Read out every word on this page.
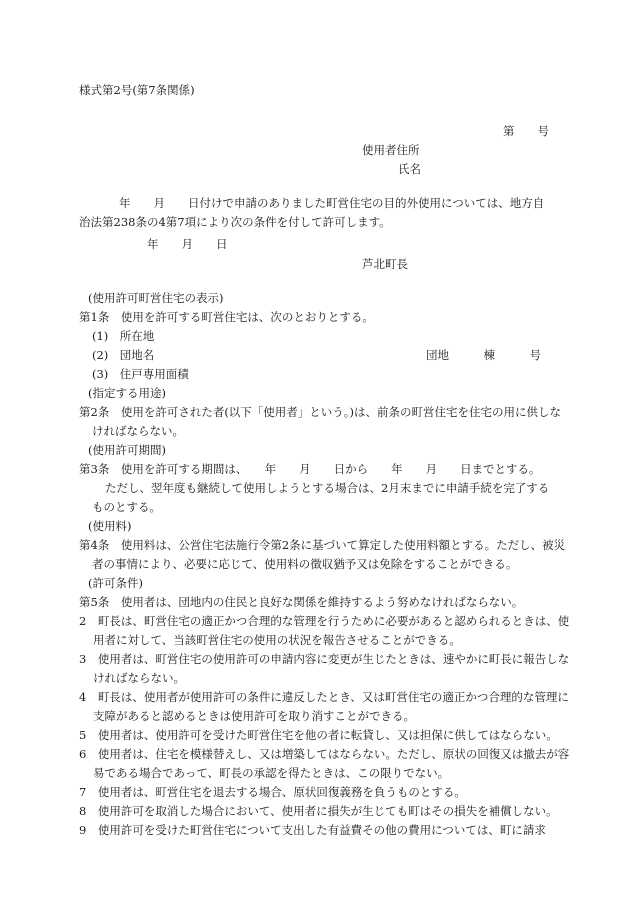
様式第2号(第7条関係)

第　　号

使用者住所

氏名

　　年　　月　　日付けで申請のありました町営住宅の目的外使用については、地方自

治法第238条の4第7項により次の条件を付して許可します。

年　　月　　日

芦北町長

(使用許可町営住宅の表示)

第1条　使用を許可する町営住宅は、次のとおりとする。

(1)　所在地

(2)　団地名	団地　　　棟　　　号

(3)　住戸専用面積

(指定する用途)

第2条　使用を許可された者(以下「使用者」という。)は、前条の町営住宅を住宅の用に供しなければならない。

(使用許可期間)

第3条　使用を許可する期間は、　　年　　月　　日から　　年　　月　　日までとする。

ただし、翌年度も継続して使用しようとする場合は、2月末までに申請手続を完了するものとする。

(使用料)

第4条　使用料は、公営住宅法施行令第2条に基づいて算定した使用料額とする。ただし、被災者の事情により、必要に応じて、使用料の徴収猶予又は免除をすることができる。

(許可条件)

第5条　使用者は、団地内の住民と良好な関係を維持するよう努めなければならない。

2　町長は、町営住宅の適正かつ合理的な管理を行うために必要があると認められるときは、使用者に対して、当該町営住宅の使用の状況を報告させることができる。

3　使用者は、町営住宅の使用許可の申請内容に変更が生じたときは、速やかに町長に報告しなければならない。

4　町長は、使用者が使用許可の条件に違反したとき、又は町営住宅の適正かつ合理的な管理に支障があると認めるときは使用許可を取り消すことができる。

5　使用者は、使用許可を受けた町営住宅を他の者に転貸し、又は担保に供してはならない。

6　使用者は、住宅を模様替えし、又は増築してはならない。ただし、原状の回復又は撤去が容易である場合であって、町長の承認を得たときは、この限りでない。

7　使用者は、町営住宅を退去する場合、原状回復義務を負うものとする。

8　使用許可を取消した場合において、使用者に損失が生じても町はその損失を補償しない。

9　使用許可を受けた町営住宅について支出した有益費その他の費用については、町に請求
